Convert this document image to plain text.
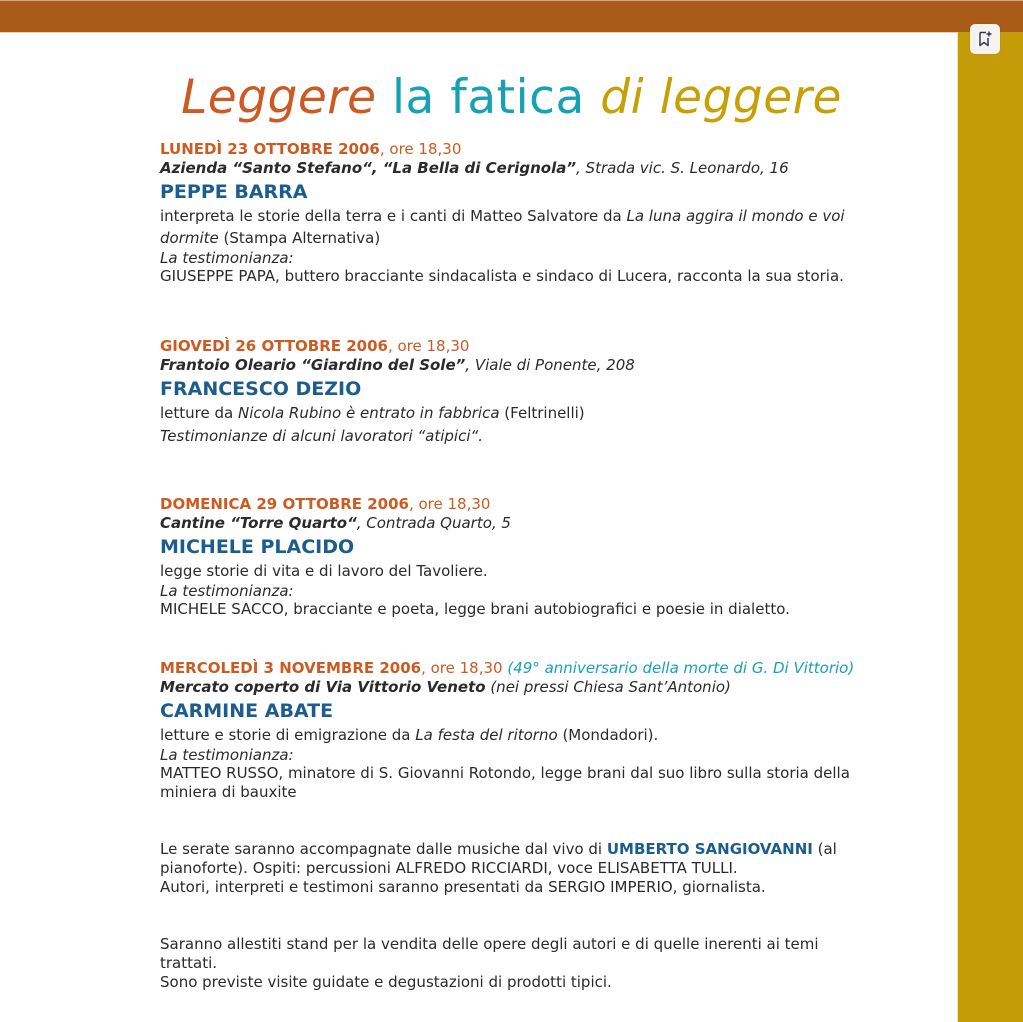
Leggere la fatica di leggere
LUNEDÌ 23 OTTOBRE 2006, ore 18,30
Azienda “Santo Stefano“, “La Bella di Cerignola”, Strada vic. S. Leonardo, 16
PEPPE BARRA
interpreta le storie della terra e i canti di Matteo Salvatore da La luna aggira il mondo e voi dormite (Stampa Alternativa)
La testimonianza:
GIUSEPPE PAPA, buttero bracciante sindacalista e sindaco di Lucera, racconta la sua storia.
GIOVEDÌ 26 OTTOBRE 2006, ore 18,30
Frantoio Oleario “Giardino del Sole”, Viale di Ponente, 208
FRANCESCO DEZIO
letture da Nicola Rubino è entrato in fabbrica (Feltrinelli)
Testimonianze di alcuni lavoratori “atipici“.
DOMENICA 29 OTTOBRE 2006, ore 18,30
Cantine “Torre Quarto“, Contrada Quarto, 5
MICHELE PLACIDO
legge storie di vita e di lavoro del Tavoliere.
La testimonianza:
MICHELE SACCO, bracciante e poeta, legge brani autobiografici e poesie in dialetto.
MERCOLEDÌ 3 NOVEMBRE 2006, ore 18,30 (49° anniversario della morte di G. Di Vittorio)
Mercato coperto di Via Vittorio Veneto (nei pressi Chiesa Sant’Antonio)
CARMINE ABATE
letture e storie di emigrazione da La festa del ritorno (Mondadori).
La testimonianza:
MATTEO RUSSO, minatore di S. Giovanni Rotondo, legge brani dal suo libro sulla storia della miniera di bauxite

Le serate saranno accompagnate dalle musiche dal vivo di UMBERTO SANGIOVANNI (al pianoforte). Ospiti: percussioni ALFREDO RICCIARDI, voce ELISABETTA TULLI.

Autori, interpreti e testimoni saranno presentati da SERGIO IMPERIO, giornalista.

Saranno allestiti stand per la vendita delle opere degli autori e di quelle inerenti ai temi trattati.

Sono previste visite guidate e degustazioni di prodotti tipici.
